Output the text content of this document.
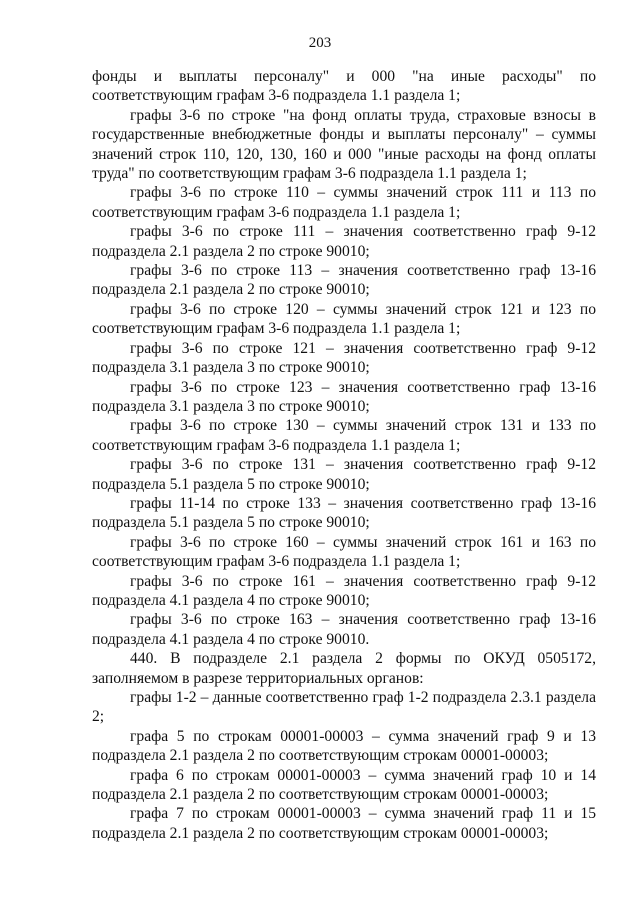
203

фонды и выплаты персоналу" и 000 "на иные расходы" по соответствующим графам 3-6 подраздела 1.1 раздела 1;

графы 3-6 по строке "на фонд оплаты труда, страховые взносы в государственные внебюджетные фонды и выплаты персоналу" – суммы значений строк 110, 120, 130, 160 и 000 "иные расходы на фонд оплаты труда" по соответствующим графам 3-6 подраздела 1.1 раздела 1;

графы 3-6 по строке 110 – суммы значений строк 111 и 113 по соответствующим графам 3-6 подраздела 1.1 раздела 1;

графы 3-6 по строке 111 – значения соответственно граф 9-12 подраздела 2.1 раздела 2 по строке 90010;

графы 3-6 по строке 113 – значения соответственно граф 13-16 подраздела 2.1 раздела 2 по строке 90010;

графы 3-6 по строке 120 – суммы значений строк 121 и 123 по соответствующим графам 3-6 подраздела 1.1 раздела 1;

графы 3-6 по строке 121 – значения соответственно граф 9-12 подраздела 3.1 раздела 3 по строке 90010;

графы 3-6 по строке 123 – значения соответственно граф 13-16 подраздела 3.1 раздела 3 по строке 90010;

графы 3-6 по строке 130 – суммы значений строк 131 и 133 по соответствующим графам 3-6 подраздела 1.1 раздела 1;

графы 3-6 по строке 131 – значения соответственно граф 9-12 подраздела 5.1 раздела 5 по строке 90010;

графы 11-14 по строке 133 – значения соответственно граф 13-16 подраздела 5.1 раздела 5 по строке 90010;

графы 3-6 по строке 160 – суммы значений строк 161 и 163 по соответствующим графам 3-6 подраздела 1.1 раздела 1;

графы 3-6 по строке 161 – значения соответственно граф 9-12 подраздела 4.1 раздела 4 по строке 90010;

графы 3-6 по строке 163 – значения соответственно граф 13-16 подраздела 4.1 раздела 4 по строке 90010.

440. В подразделе 2.1 раздела 2 формы по ОКУД 0505172, заполняемом в разрезе территориальных органов:

графы 1-2 – данные соответственно граф 1-2 подраздела 2.3.1 раздела 2;

графа 5 по строкам 00001-00003 – сумма значений граф 9 и 13 подраздела 2.1 раздела 2 по соответствующим строкам 00001-00003;

графа 6 по строкам 00001-00003 – сумма значений граф 10 и 14 подраздела 2.1 раздела 2 по соответствующим строкам 00001-00003;

графа 7 по строкам 00001-00003 – сумма значений граф 11 и 15 подраздела 2.1 раздела 2 по соответствующим строкам 00001-00003;
